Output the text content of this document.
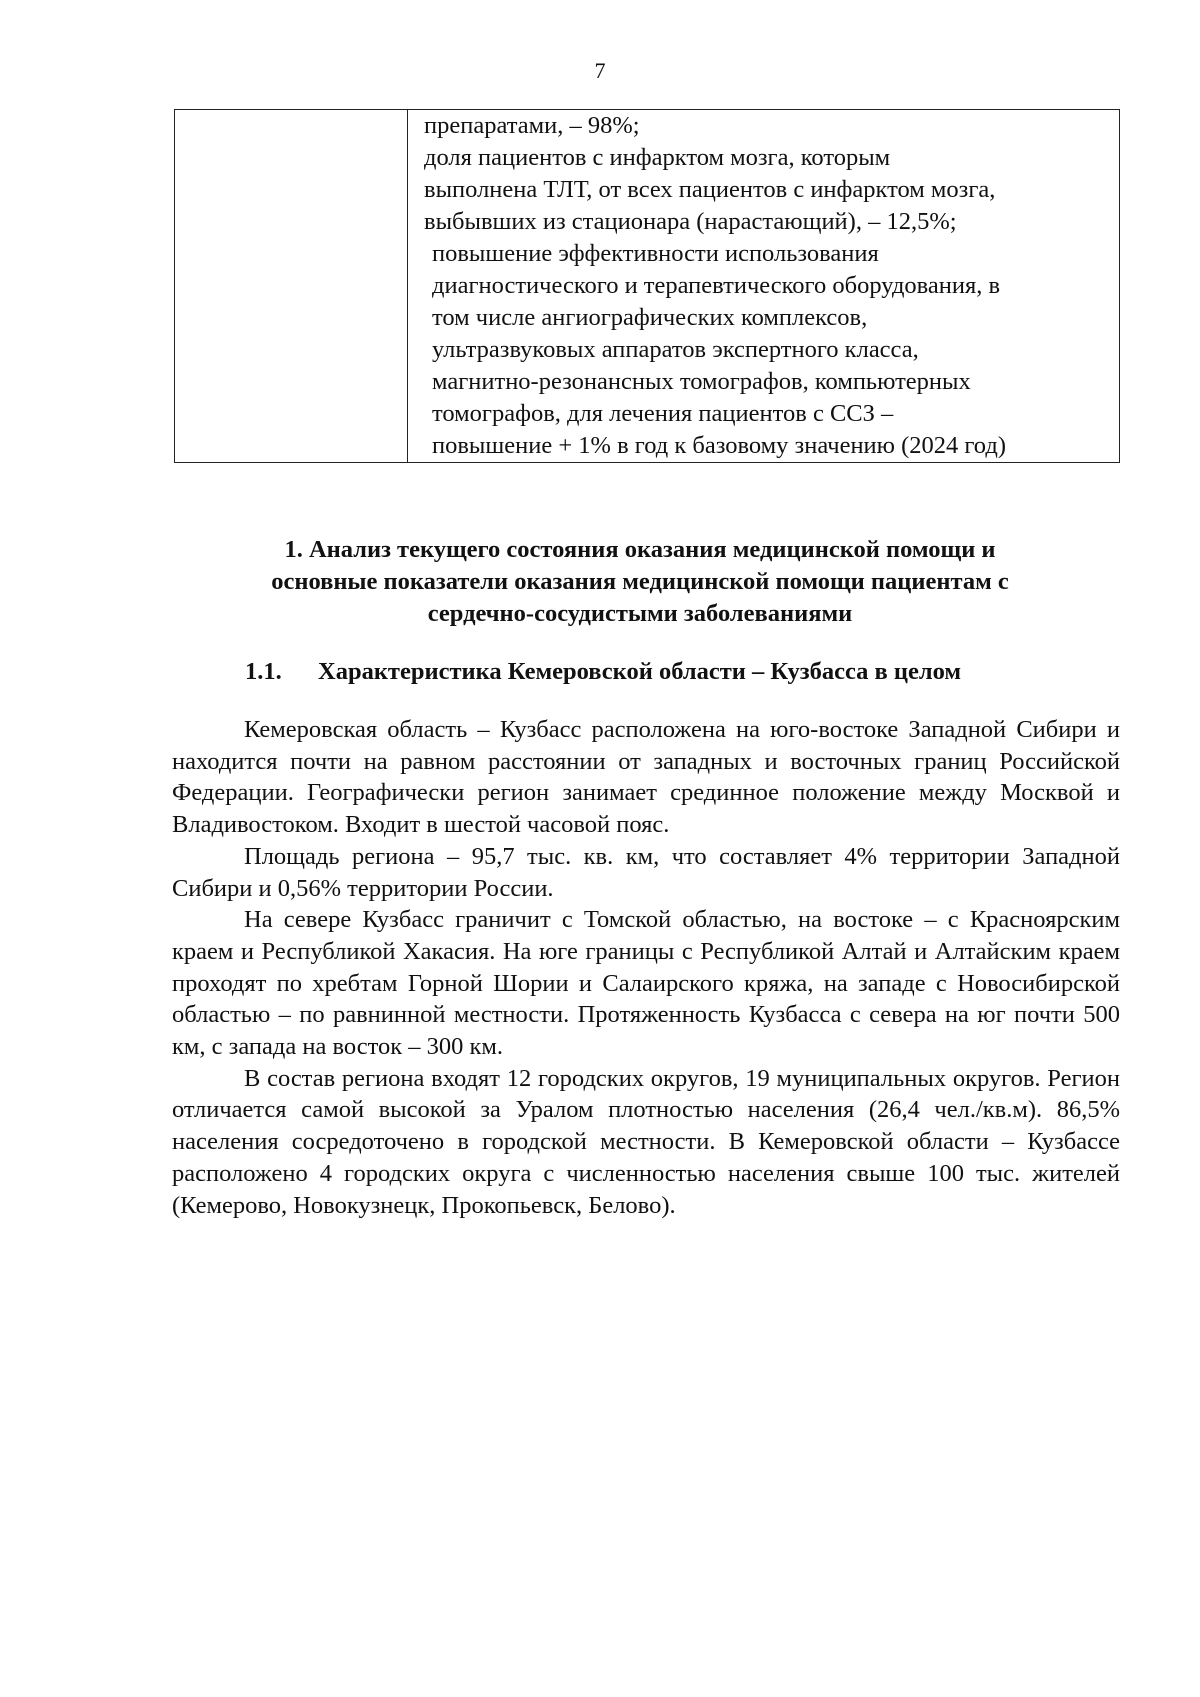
7

препаратами, – 98%;
доля пациентов с инфарктом мозга, которым
выполнена ТЛТ, от всех пациентов с инфарктом мозга,
выбывших из стационара (нарастающий), – 12,5%;
повышение эффективности использования
диагностического и терапевтического оборудования, в
том числе ангиографических комплексов,
ультразвуковых аппаратов экспертного класса,
магнитно-резонансных томографов, компьютерных
томографов, для лечения пациентов с ССЗ –
повышение + 1% в год к базовому значению (2024 год)
1. Анализ текущего состояния оказания медицинской помощи и
основные показатели оказания медицинской помощи пациентам с
сердечно-сосудистыми заболеваниями
1.1. Характеристика Кемеровской области – Кузбасса в целом

Кемеровская область – Кузбасс расположена на юго-востоке Западной Сибири и находится почти на равном расстоянии от западных и восточных границ Российской Федерации. Географически регион занимает срединное положение между Москвой и Владивостоком. Входит в шестой часовой пояс.

Площадь региона – 95,7 тыс. кв. км, что составляет 4% территории Западной Сибири и 0,56% территории России.

На севере Кузбасс граничит с Томской областью, на востоке – с Красноярским краем и Республикой Хакасия. На юге границы с Республикой Алтай и Алтайским краем проходят по хребтам Горной Шории и Салаирского кряжа, на западе с Новосибирской областью – по равнинной местности. Протяженность Кузбасса с севера на юг почти 500 км, с запада на восток – 300 км.

В состав региона входят 12 городских округов, 19 муниципальных округов. Регион отличается самой высокой за Уралом плотностью населения (26,4 чел./кв.м). 86,5% населения сосредоточено в городской местности. В Кемеровской области – Кузбассе расположено 4 городских округа с численностью населения свыше 100 тыс. жителей (Кемерово, Новокузнецк, Прокопьевск, Белово).
